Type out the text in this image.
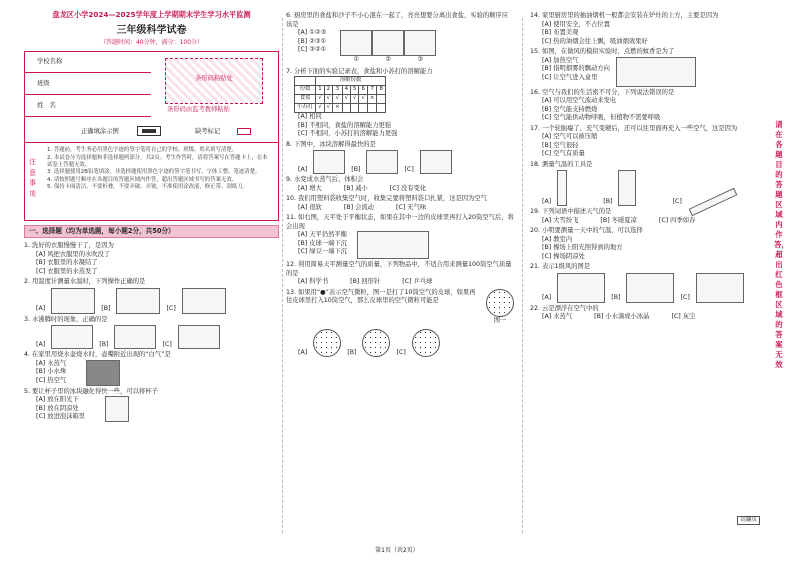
盘龙区小学2024—2025学年度上学期期末学生学习水平监测
三年级科学试卷
（答题时间：40分钟，满分：100分）
学校名称
班级
姓　名
条形码粘贴处
条形码由监考教师粘贴
正确填涂示例	缺考标记
注意事项
1. 答题前，考生务必用黑色字迹的签字笔将自己的学校、班级、姓名填写清楚。
2. 本试卷分为选择题和非选择题两部分，共2页。考生作答时，请将答案写在答题卡上，在本试卷上答题无效。
3. 选择题使用2B铅笔填涂，非选择题使用黑色字迹的签字笔书写，字体工整、笔迹清楚。
4. 请按照题号顺序在各题目的答题区域内作答，超出答题区域书写的答案无效。
5. 保持卡面清洁，不要折叠，不要弄破、弄皱，不准使用涂改液、修正带、刮纸刀。
一、选择题（均为单选题，每小题2分，共50分）
1. 洗好的衣服慢慢干了，是因为
[A] 风把衣服里的水吹没了
[B] 衣服里的水凝结了
[C] 衣服里的水蒸发了
2. 用温度计测量水温时，下列操作正确的是
[A]	[B]	[C]
3. 水沸腾时的现象，正确的是
[A]	[B]	[C]
4. 在家里用烧水壶烧水时，壶嘴附近出现的“白气”是
[A] 水蒸气
[B] 小水珠
[C] 热空气
5. 要让杯子里的冰块融化得快一些，可以将杯子
[A] 放在阳光下
[B] 放在阴凉处
[C] 放进泡沫箱里
6. 厨房里的食盐和沙子不小心混在一起了，亮亮想要分离出食盐，实验的顺序应该是
[A] ①②③
[B] ②③①
[C] ③②①
①	②	③
7. 分析下面的实验记录表，食盐和小苏打的溶解能力
	溶解份数							
份数	1	2	3	4	5	6	7	8
食盐	√	√	√	√	√	√	×	
小苏打	√	√	×					
[A] 相同
[B] 不相同，食盐的溶解能力更强
[C] 不相同，小苏打的溶解能力更强
8. 下图中，冰块溶解得最快的是
[A]	[B]	[C]
9. 水变成水蒸气后，体积会
[A] 增大	[B] 减小	[C] 没有变化
10. 我们用塑料袋收集空气时，收集完要将塑料袋口扎紧，这是因为空气
[A] 很软	[B] 会流动	[C] 无气味
11. 如右图，天平处于平衡状态，如果在其中一边的皮球里再打入20筒空气后，将会出现
[A] 天平仍然平衡
[B] 皮球一端下沉
[C] 绿豆一端下沉
12. 利用简易天平测量空气的质量，下列物品中，不适合用来测量100筒空气质量的是
[A] 科学书	[B] 回形针	[C] 乒乓球
13. 如果用“●”表示空气微粒，图一是打了10筒空气的皮球，如果再往皮球里打入10筒空气，那么皮球里的空气微粒可能是
图一
[A]	[B]	[C]
14. 家里厨房里的抽油烟机一般都会安装在炉灶的上方，主要是因为
[A] 使用安全，不占位置
[B] 布置美观
[C] 热的油烟会往上飘，吸油烟效果好
15. 如图，在做风的模拟实验时，点燃的蚊香是为了
[A] 加热空气
[B] 指明烟雾的飘动方向
[C] 让空气进入盒里
16. 空气与我们的生活密不可分，下列说法错误的是
[A] 可以用空气流动来发电
[B] 空气能支持燃烧
[C] 空气能供动物呼吸，但植物不需要呼吸
17. 一个轮胎瘪了，充气变硬后，还可以往里面再充入一些空气，这是因为
[A] 空气可以被压缩
[B] 空气很轻
[C] 空气有质量
18. 测量气温的工具是
[A]	[B]	[C]
19. 下列词语中描述天气的是
[A] 大雪纷飞	[B] 冬暖夏凉	[C] 四季如春
20. 小明要测量一天中的气温，可以选择
[A] 教室内
[B] 操场上阳光照得到的地方
[C] 操场阴凉处
21. 表示1级风的图是
[A]	[B]	[C]
22. 云是漂浮在空气中的
[A] 水蒸气	[B] 小水滴或小冰晶	[C] 灰尘
请在各题目的答题区域内作答，超出红色框区域的答案无效
请翻页
第1页（共2页）
